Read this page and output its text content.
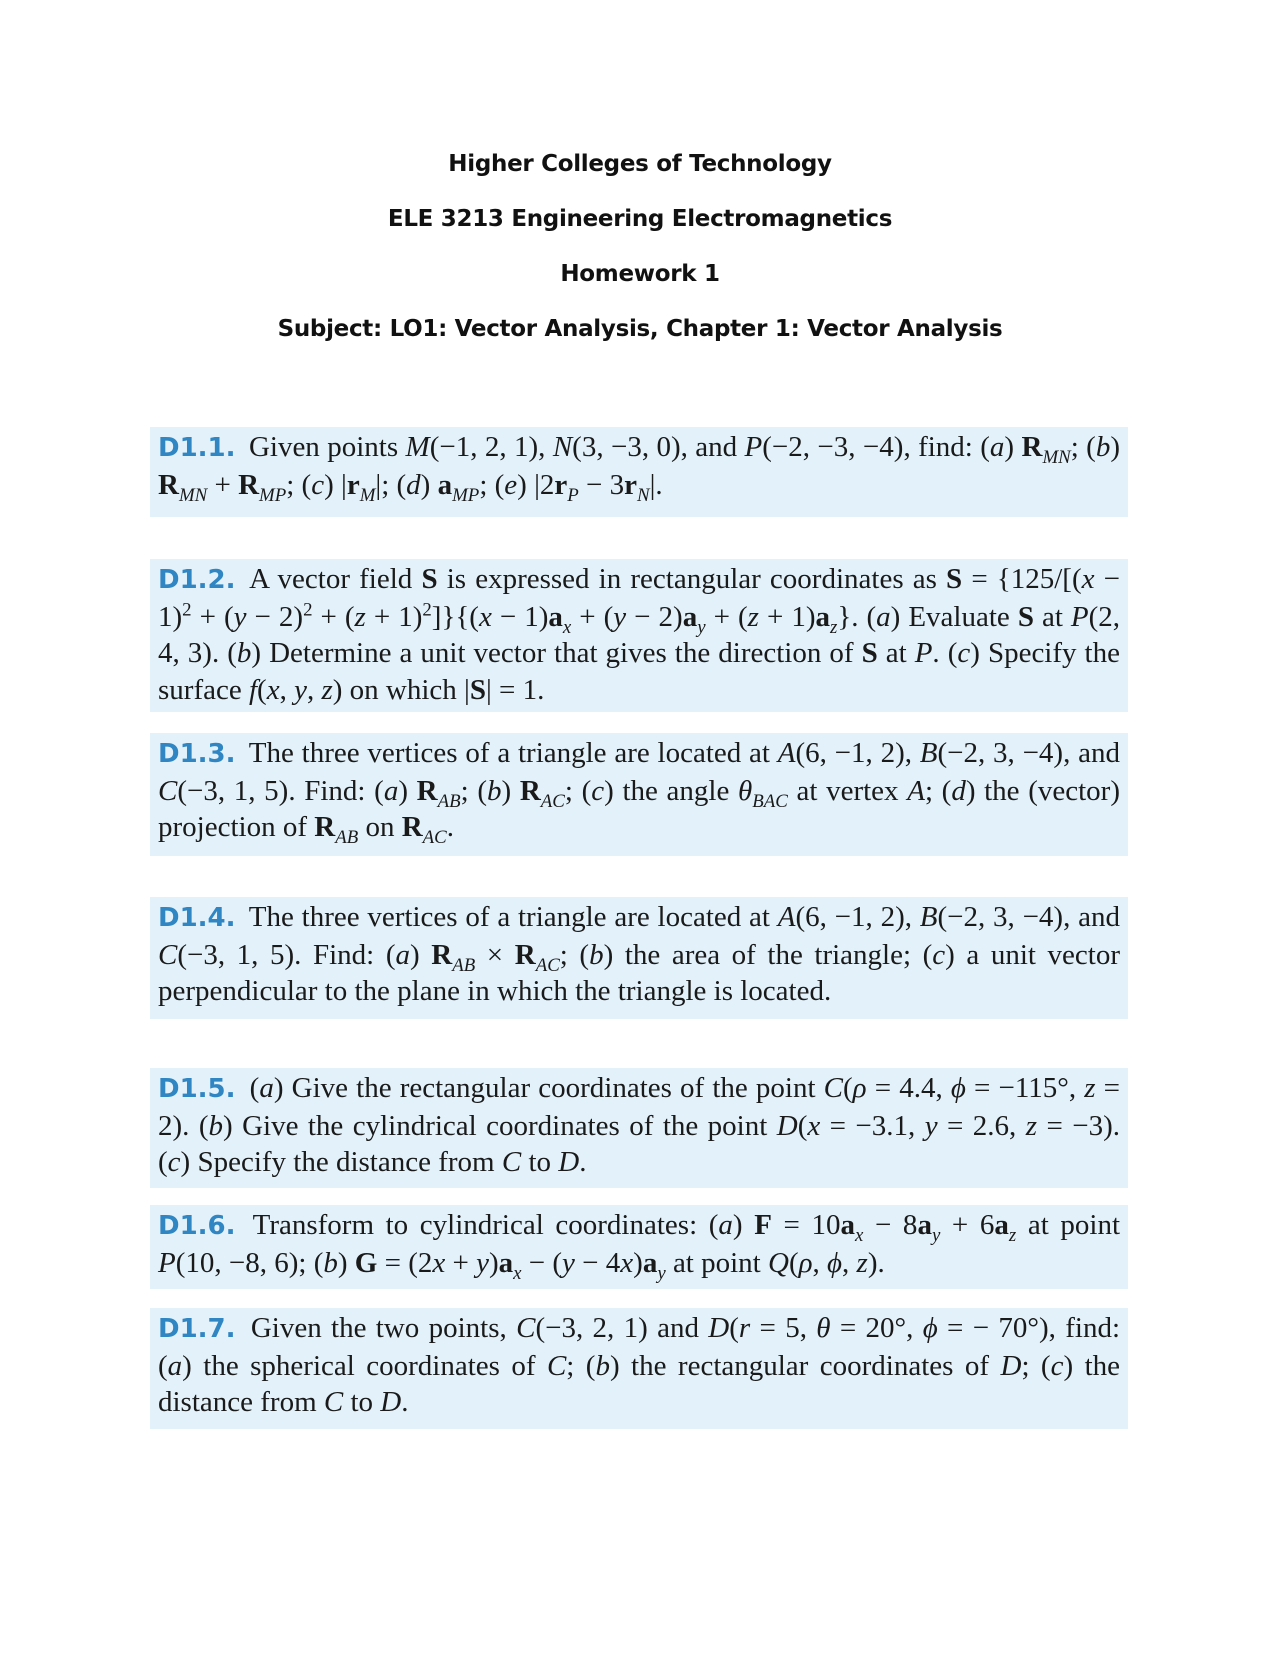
Higher Colleges of Technology
ELE 3213 Engineering Electromagnetics
Homework 1
Subject: LO1: Vector Analysis, Chapter 1: Vector Analysis
D1.1. Given points M(−1, 2, 1), N(3, −3, 0), and P(−2, −3, −4), find: (a) $R_{MN}$; (b) $R_{MN} + R_{MP}$; (c) $|r_M|$; (d) $a_{MP}$; (e) $|2r_P - 3r_N|$.
D1.2. A vector field S is expressed in rectangular coordinates as $S = \{125/[(x - 1)^2 + (y - 2)^2 + (z + 1)^2]\}\{(x - 1)a_x + (y - 2)a_y + (z + 1)a_z\}$. (a) Evaluate S at P(2, 4, 3). (b) Determine a unit vector that gives the direction of S at P. (c) Specify the surface f(x, y, z) on which |S| = 1.
D1.3. The three vertices of a triangle are located at A(6, −1, 2), B(−2, 3, −4), and C(−3, 1, 5). Find: (a) $R_{AB}$; (b) $R_{AC}$; (c) the angle $\theta_{BAC}$ at vertex A; (d) the (vector) projection of $R_{AB}$ on $R_{AC}$.
D1.4. The three vertices of a triangle are located at A(6, −1, 2), B(−2, 3, −4), and C(−3, 1, 5). Find: (a) $R_{AB} \times R_{AC}$; (b) the area of the triangle; (c) a unit vector perpendicular to the plane in which the triangle is located.
D1.5. (a) Give the rectangular coordinates of the point C(ρ = 4.4, ϕ = −115°, z = 2). (b) Give the cylindrical coordinates of the point D(x = −3.1, y = 2.6, z = −3). (c) Specify the distance from C to D.
D1.6. Transform to cylindrical coordinates: (a) $F = 10a_x - 8a_y + 6a_z$ at point P(10, −8, 6); (b) $G = (2x + y)a_x - (y - 4x)a_y$ at point Q(ρ, ϕ, z).
D1.7. Given the two points, C(−3, 2, 1) and D(r = 5, θ = 20°, ϕ = − 70°), find: (a) the spherical coordinates of C; (b) the rectangular coordinates of D; (c) the distance from C to D.
